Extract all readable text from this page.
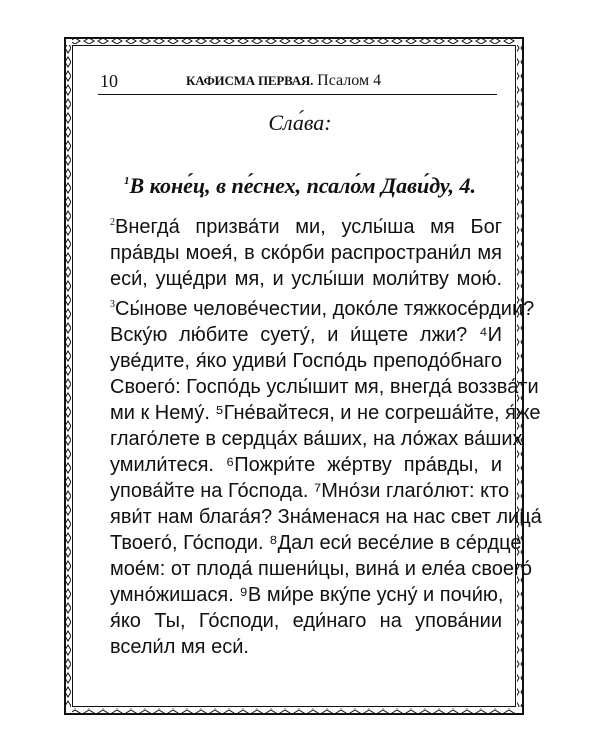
10	КАФИСМА ПЕРВАЯ. Псалом 4
Сла́ва:
$^1$В коне́ц, в пе́снех, псало́м Дави́ду, 4.
$^2$Внегда́ призва́ти ми, услы́ша мя Бог
пра́вды моея́, в ско́рби распространи́л мя
еси́, уще́дри мя, и услы́ши моли́тву мою́.
$^3$Сы́нове челове́честии, доко́ле тяжкосе́рдии?
Вску́ю лю́бите суету́, и и́щете лжи? ⁴И
уве́дите, я́ко удиви́ Госпо́дь преподо́бнаго
Своего́: Госпо́дь услы́шит мя, внегда́ воззва́ти
ми к Нему́. ⁵Гне́вайтеся, и не согреша́йте, я́же
глаго́лете в сердца́х ва́ших, на ло́жах ва́ших
умили́теся. ⁶Пожри́те же́ртву пра́вды, и
упова́йте на Го́спода. ⁷Мно́зи глаго́лют: кто
яви́т нам блага́я? Зна́менася на нас свет лица́
Твоего́, Го́споди. ⁸Дал еси́ весе́лие в се́рдце
мое́м: от плода́ пшени́цы, вина́ и еле́а своего́
умно́жишася. ⁹В ми́ре вку́пе усну́ и почи́ю,
я́ко Ты, Го́споди, еди́наго на упова́нии
всели́л мя еси́.
